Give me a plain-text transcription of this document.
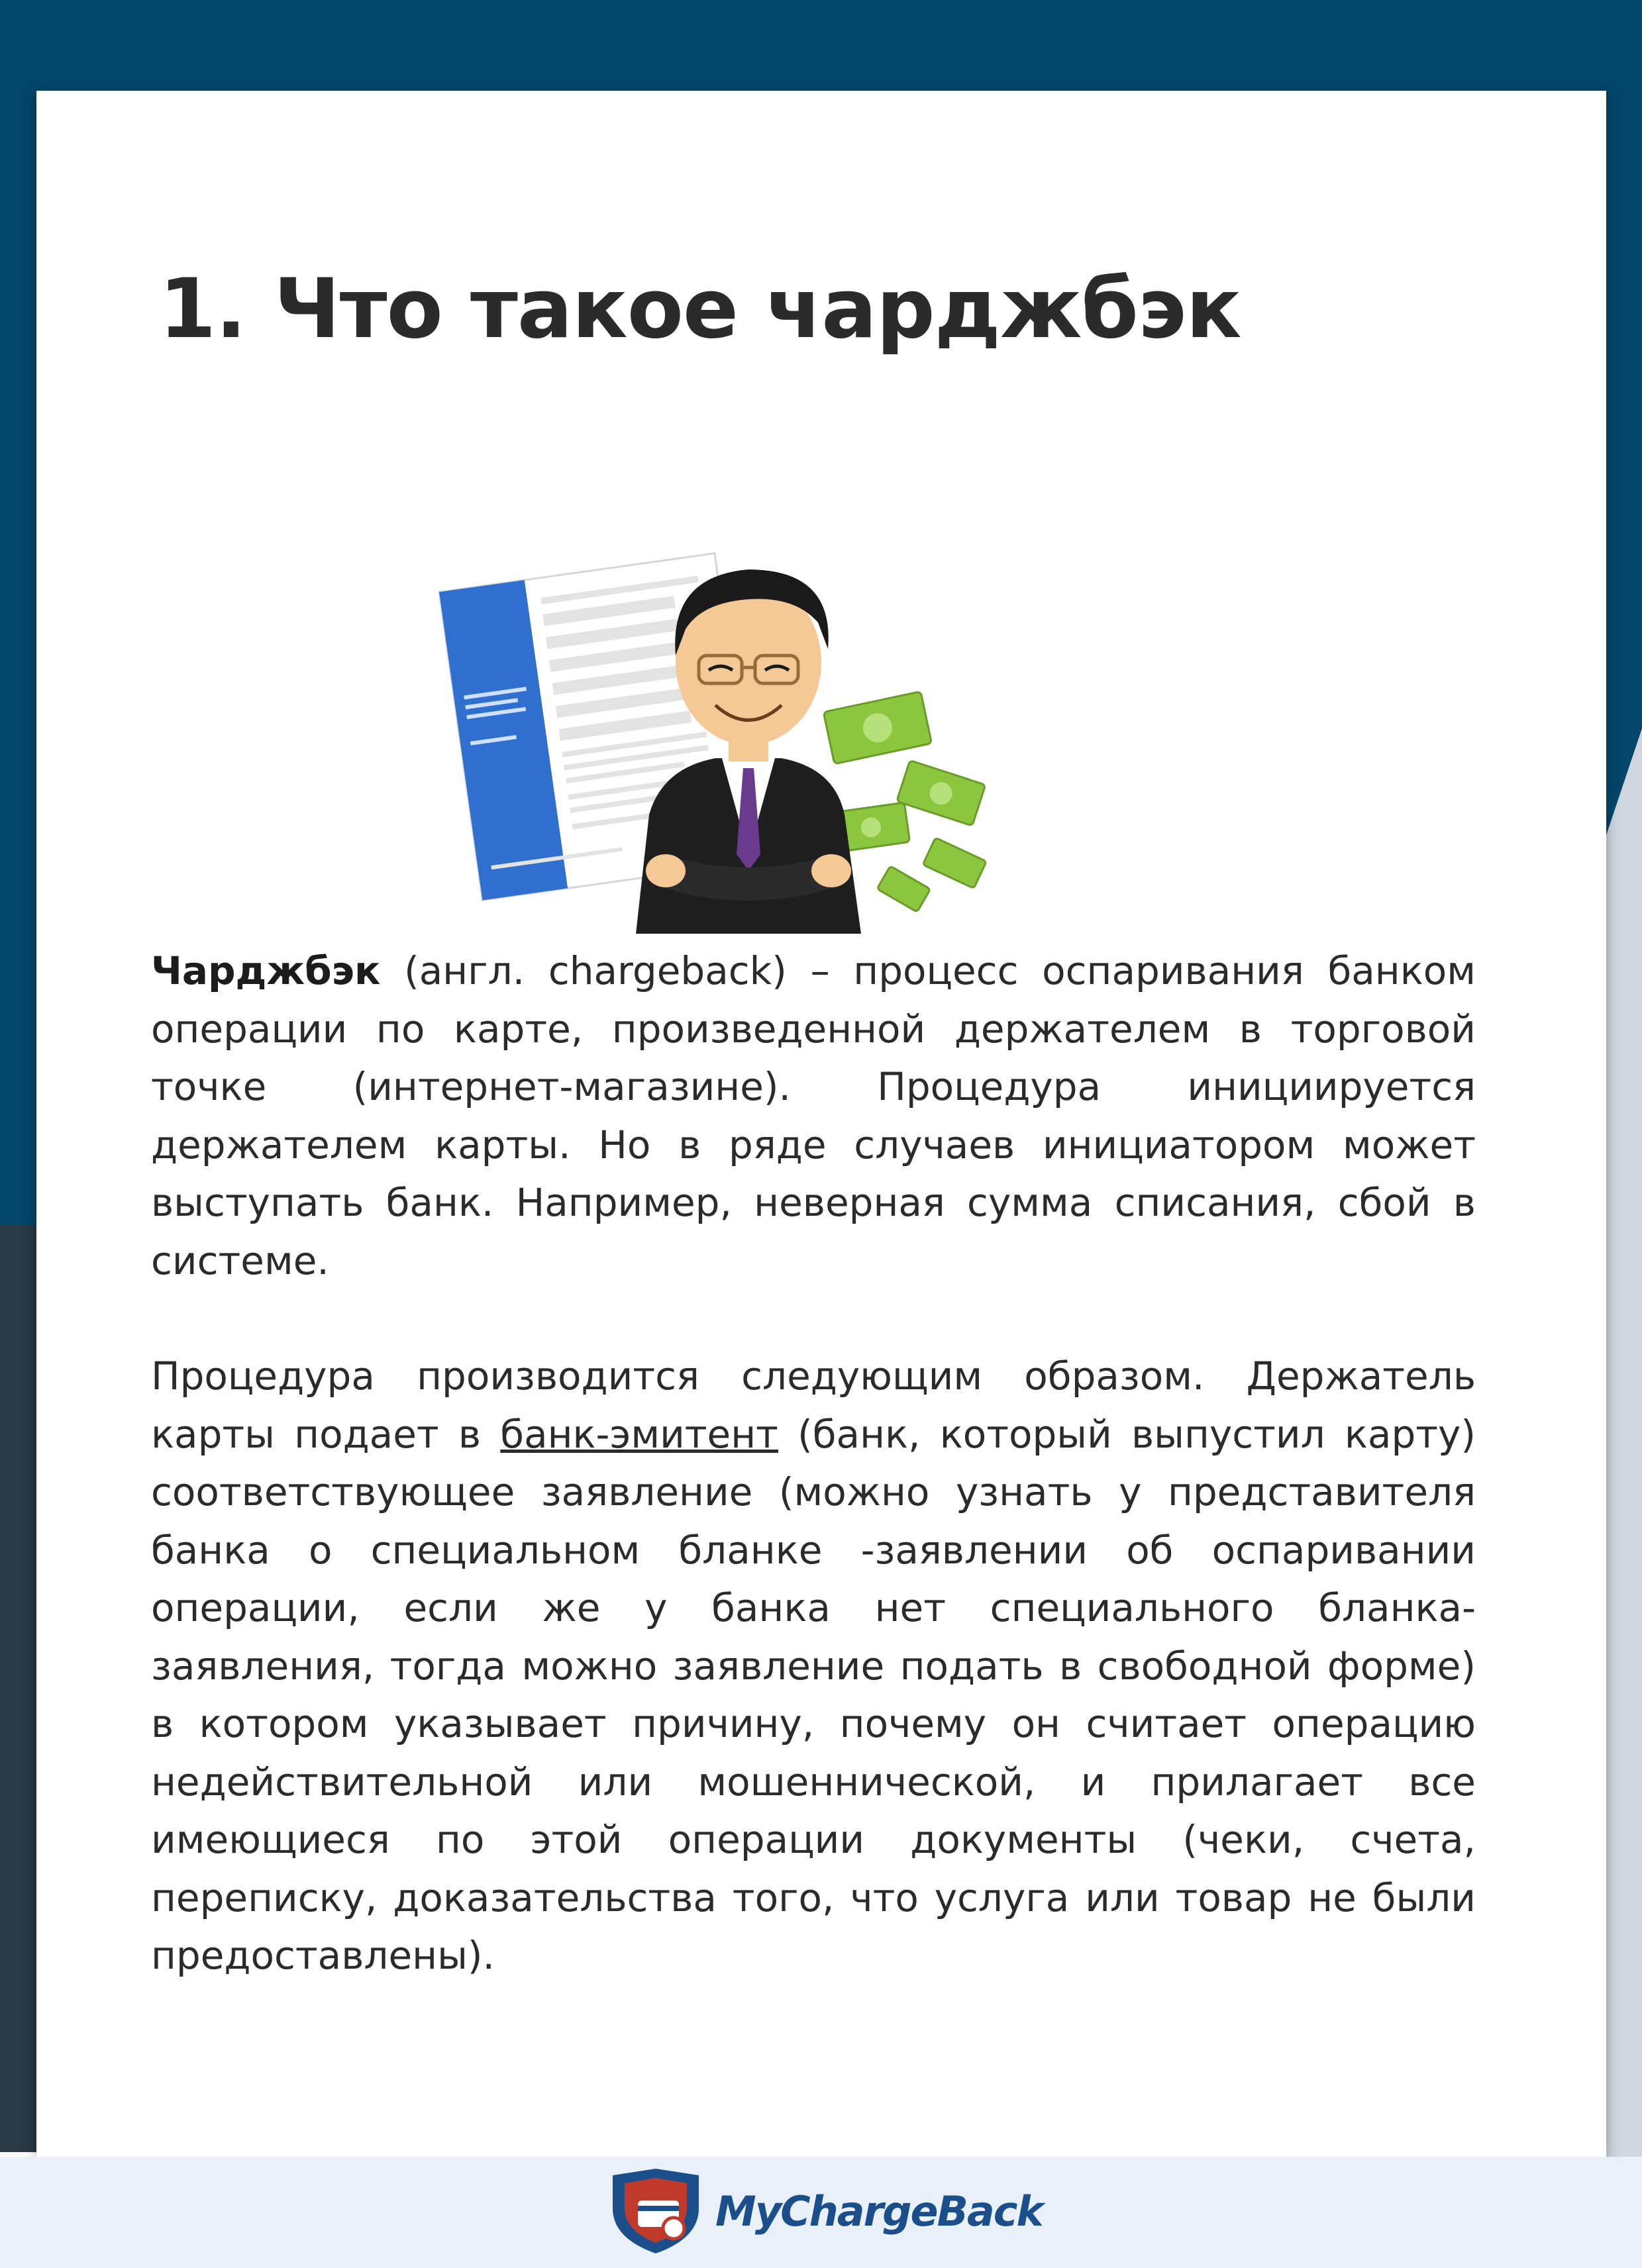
1. Что такое чарджбэк

Чарджбэк (англ. chargeback) – процесс оспаривания банком операции по карте, произведенной держателем в торговой точке (интернет-магазине). Процедура инициируется держателем карты. Но в ряде случаев инициатором может выступать банк. Например, неверная сумма списания, сбой в системе.

Процедура производится следующим образом. Держатель карты подает в банк-эмитент (банк, который выпустил карту) соответствующее заявление (можно узнать у представителя банка о специальном бланке -заявлении об оспаривании операции, если же у банка нет специального бланка- заявления, тогда можно заявление подать в свободной форме) в котором указывает причину, почему он считает операцию недействительной или мошеннической, и прилагает все имеющиеся по этой операции документы (чеки, счета, переписку, доказательства того, что услуга или товар не были предоставлены).

MyChargeBack
